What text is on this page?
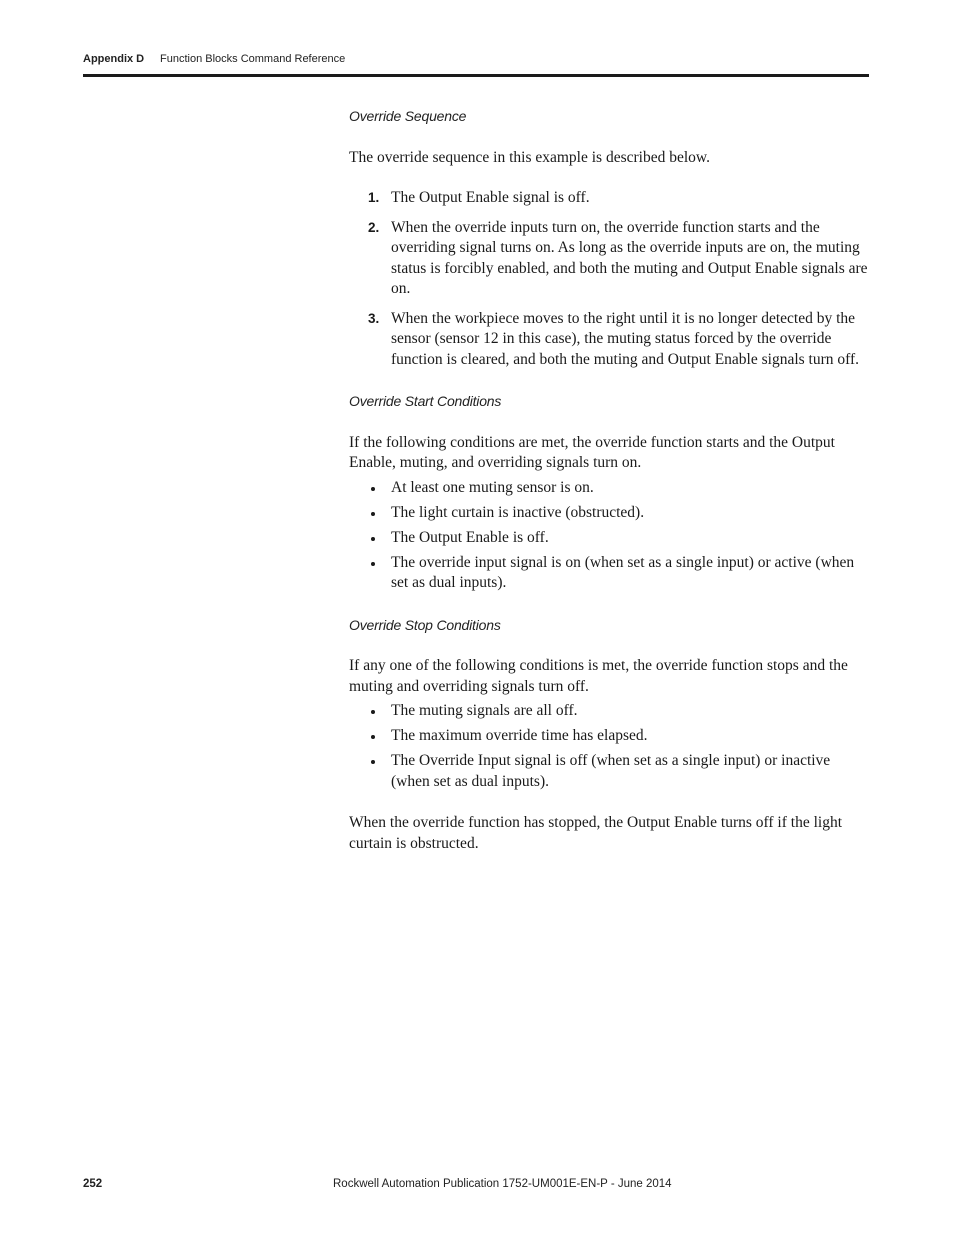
Appendix D Function Blocks Command Reference
Override Sequence

The override sequence in this example is described below.

1. The Output Enable signal is off.
2. When the override inputs turn on, the override function starts and the overriding signal turns on. As long as the override inputs are on, the muting status is forcibly enabled, and both the muting and Output Enable signals are on.
3. When the workpiece moves to the right until it is no longer detected by the sensor (sensor 12 in this case), the muting status forced by the override function is cleared, and both the muting and Output Enable signals turn off.
Override Start Conditions

If the following conditions are met, the override function starts and the Output Enable, muting, and overriding signals turn on.

At least one muting sensor is on.
The light curtain is inactive (obstructed).
The Output Enable is off.
The override input signal is on (when set as a single input) or active (when set as dual inputs).
Override Stop Conditions

If any one of the following conditions is met, the override function stops and the muting and overriding signals turn off.

The muting signals are all off.
The maximum override time has elapsed.
The Override Input signal is off (when set as a single input) or inactive (when set as dual inputs).

When the override function has stopped, the Output Enable turns off if the light curtain is obstructed.

252	Rockwell Automation Publication 1752-UM001E-EN-P - June 2014
